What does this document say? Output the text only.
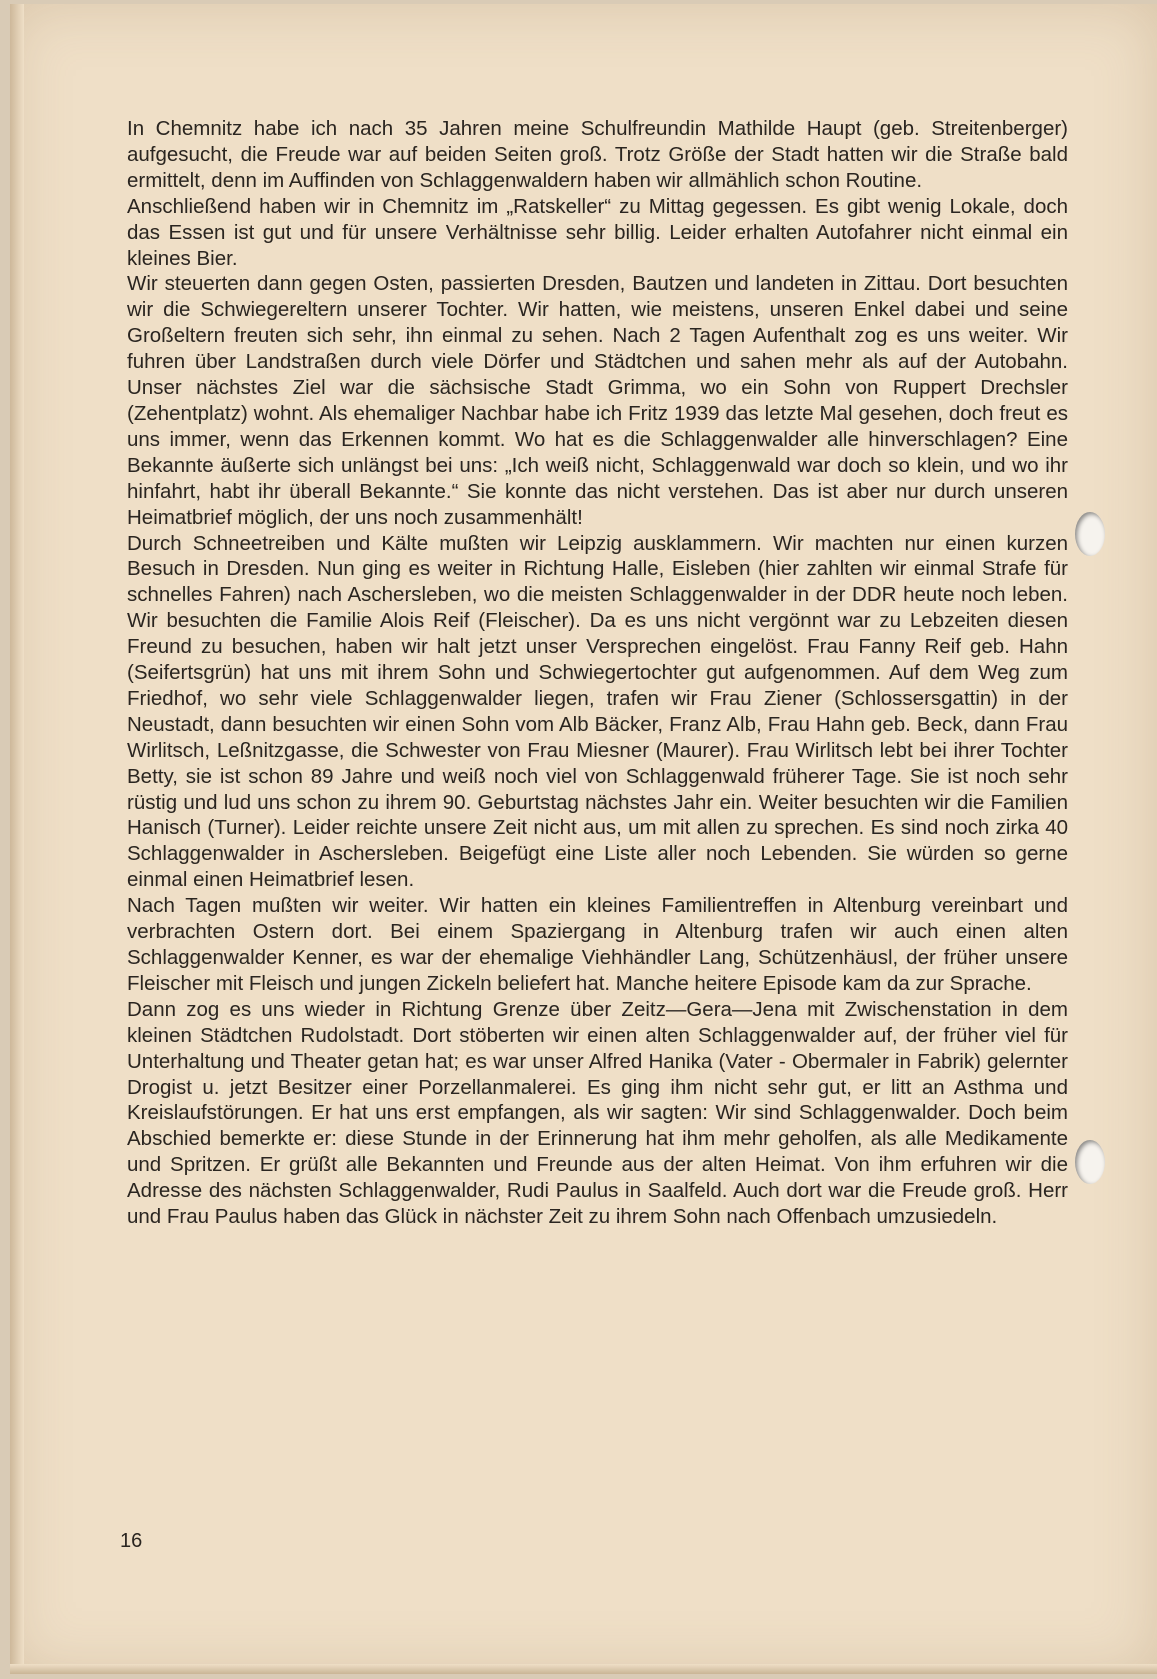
In Chemnitz habe ich nach 35 Jahren meine Schulfreundin Mathilde Haupt (geb. Streitenberger) aufgesucht, die Freude war auf beiden Seiten groß. Trotz Größe der Stadt hatten wir die Straße bald ermittelt, denn im Auffinden von Schlaggenwaldern haben wir allmählich schon Routine.

Anschließend haben wir in Chemnitz im „Ratskeller“ zu Mittag gegessen. Es gibt wenig Lokale, doch das Essen ist gut und für unsere Verhältnisse sehr billig. Leider erhalten Autofahrer nicht einmal ein kleines Bier.

Wir steuerten dann gegen Osten, passierten Dresden, Bautzen und landeten in Zittau. Dort besuchten wir die Schwiegereltern unserer Tochter. Wir hatten, wie meistens, unseren Enkel dabei und seine Großeltern freuten sich sehr, ihn einmal zu sehen. Nach 2 Tagen Aufenthalt zog es uns weiter. Wir fuhren über Landstraßen durch viele Dörfer und Städtchen und sahen mehr als auf der Autobahn. Unser nächstes Ziel war die sächsische Stadt Grimma, wo ein Sohn von Ruppert Drechsler (Zehentplatz) wohnt. Als ehemaliger Nachbar habe ich Fritz 1939 das letzte Mal gesehen, doch freut es uns immer, wenn das Erkennen kommt. Wo hat es die Schlaggenwalder alle hinverschlagen? Eine Bekannte äußerte sich unlängst bei uns: „Ich weiß nicht, Schlaggenwald war doch so klein, und wo ihr hinfahrt, habt ihr überall Bekannte.“ Sie konnte das nicht verstehen. Das ist aber nur durch unseren Heimatbrief möglich, der uns noch zusammenhält!

Durch Schneetreiben und Kälte mußten wir Leipzig ausklammern. Wir machten nur einen kurzen Besuch in Dresden. Nun ging es weiter in Richtung Halle, Eisleben (hier zahlten wir einmal Strafe für schnelles Fahren) nach Aschersleben, wo die meisten Schlaggenwalder in der DDR heute noch leben. Wir besuchten die Familie Alois Reif (Fleischer). Da es uns nicht vergönnt war zu Lebzeiten diesen Freund zu besuchen, haben wir halt jetzt unser Versprechen eingelöst. Frau Fanny Reif geb. Hahn (Seifertsgrün) hat uns mit ihrem Sohn und Schwiegertochter gut aufgenommen. Auf dem Weg zum Friedhof, wo sehr viele Schlaggenwalder liegen, trafen wir Frau Ziener (Schlossersgattin) in der Neustadt, dann besuchten wir einen Sohn vom Alb Bäcker, Franz Alb, Frau Hahn geb. Beck, dann Frau Wirlitsch, Leßnitzgasse, die Schwester von Frau Miesner (Maurer). Frau Wirlitsch lebt bei ihrer Tochter Betty, sie ist schon 89 Jahre und weiß noch viel von Schlaggenwald früherer Tage. Sie ist noch sehr rüstig und lud uns schon zu ihrem 90. Geburtstag nächstes Jahr ein. Weiter besuchten wir die Familien Hanisch (Turner). Leider reichte unsere Zeit nicht aus, um mit allen zu sprechen. Es sind noch zirka 40 Schlaggenwalder in Aschersleben. Beigefügt eine Liste aller noch Lebenden. Sie würden so gerne einmal einen Heimatbrief lesen.

Nach Tagen mußten wir weiter. Wir hatten ein kleines Familientreffen in Altenburg vereinbart und verbrachten Ostern dort. Bei einem Spaziergang in Altenburg trafen wir auch einen alten Schlaggenwalder Kenner, es war der ehemalige Viehhändler Lang, Schützenhäusl, der früher unsere Fleischer mit Fleisch und jungen Zickeln beliefert hat. Manche heitere Episode kam da zur Sprache.

Dann zog es uns wieder in Richtung Grenze über Zeitz—Gera—Jena mit Zwischenstation in dem kleinen Städtchen Rudolstadt. Dort stöberten wir einen alten Schlaggenwalder auf, der früher viel für Unterhaltung und Theater getan hat; es war unser Alfred Hanika (Vater - Obermaler in Fabrik) gelernter Drogist u. jetzt Besitzer einer Porzellanmalerei. Es ging ihm nicht sehr gut, er litt an Asthma und Kreislaufstörungen. Er hat uns erst empfangen, als wir sagten: Wir sind Schlaggenwalder. Doch beim Abschied bemerkte er: diese Stunde in der Erinnerung hat ihm mehr geholfen, als alle Medikamente und Spritzen. Er grüßt alle Bekannten und Freunde aus der alten Heimat. Von ihm erfuhren wir die Adresse des nächsten Schlaggenwalder, Rudi Paulus in Saalfeld. Auch dort war die Freude groß. Herr und Frau Paulus haben das Glück in nächster Zeit zu ihrem Sohn nach Offenbach umzusiedeln.

16
